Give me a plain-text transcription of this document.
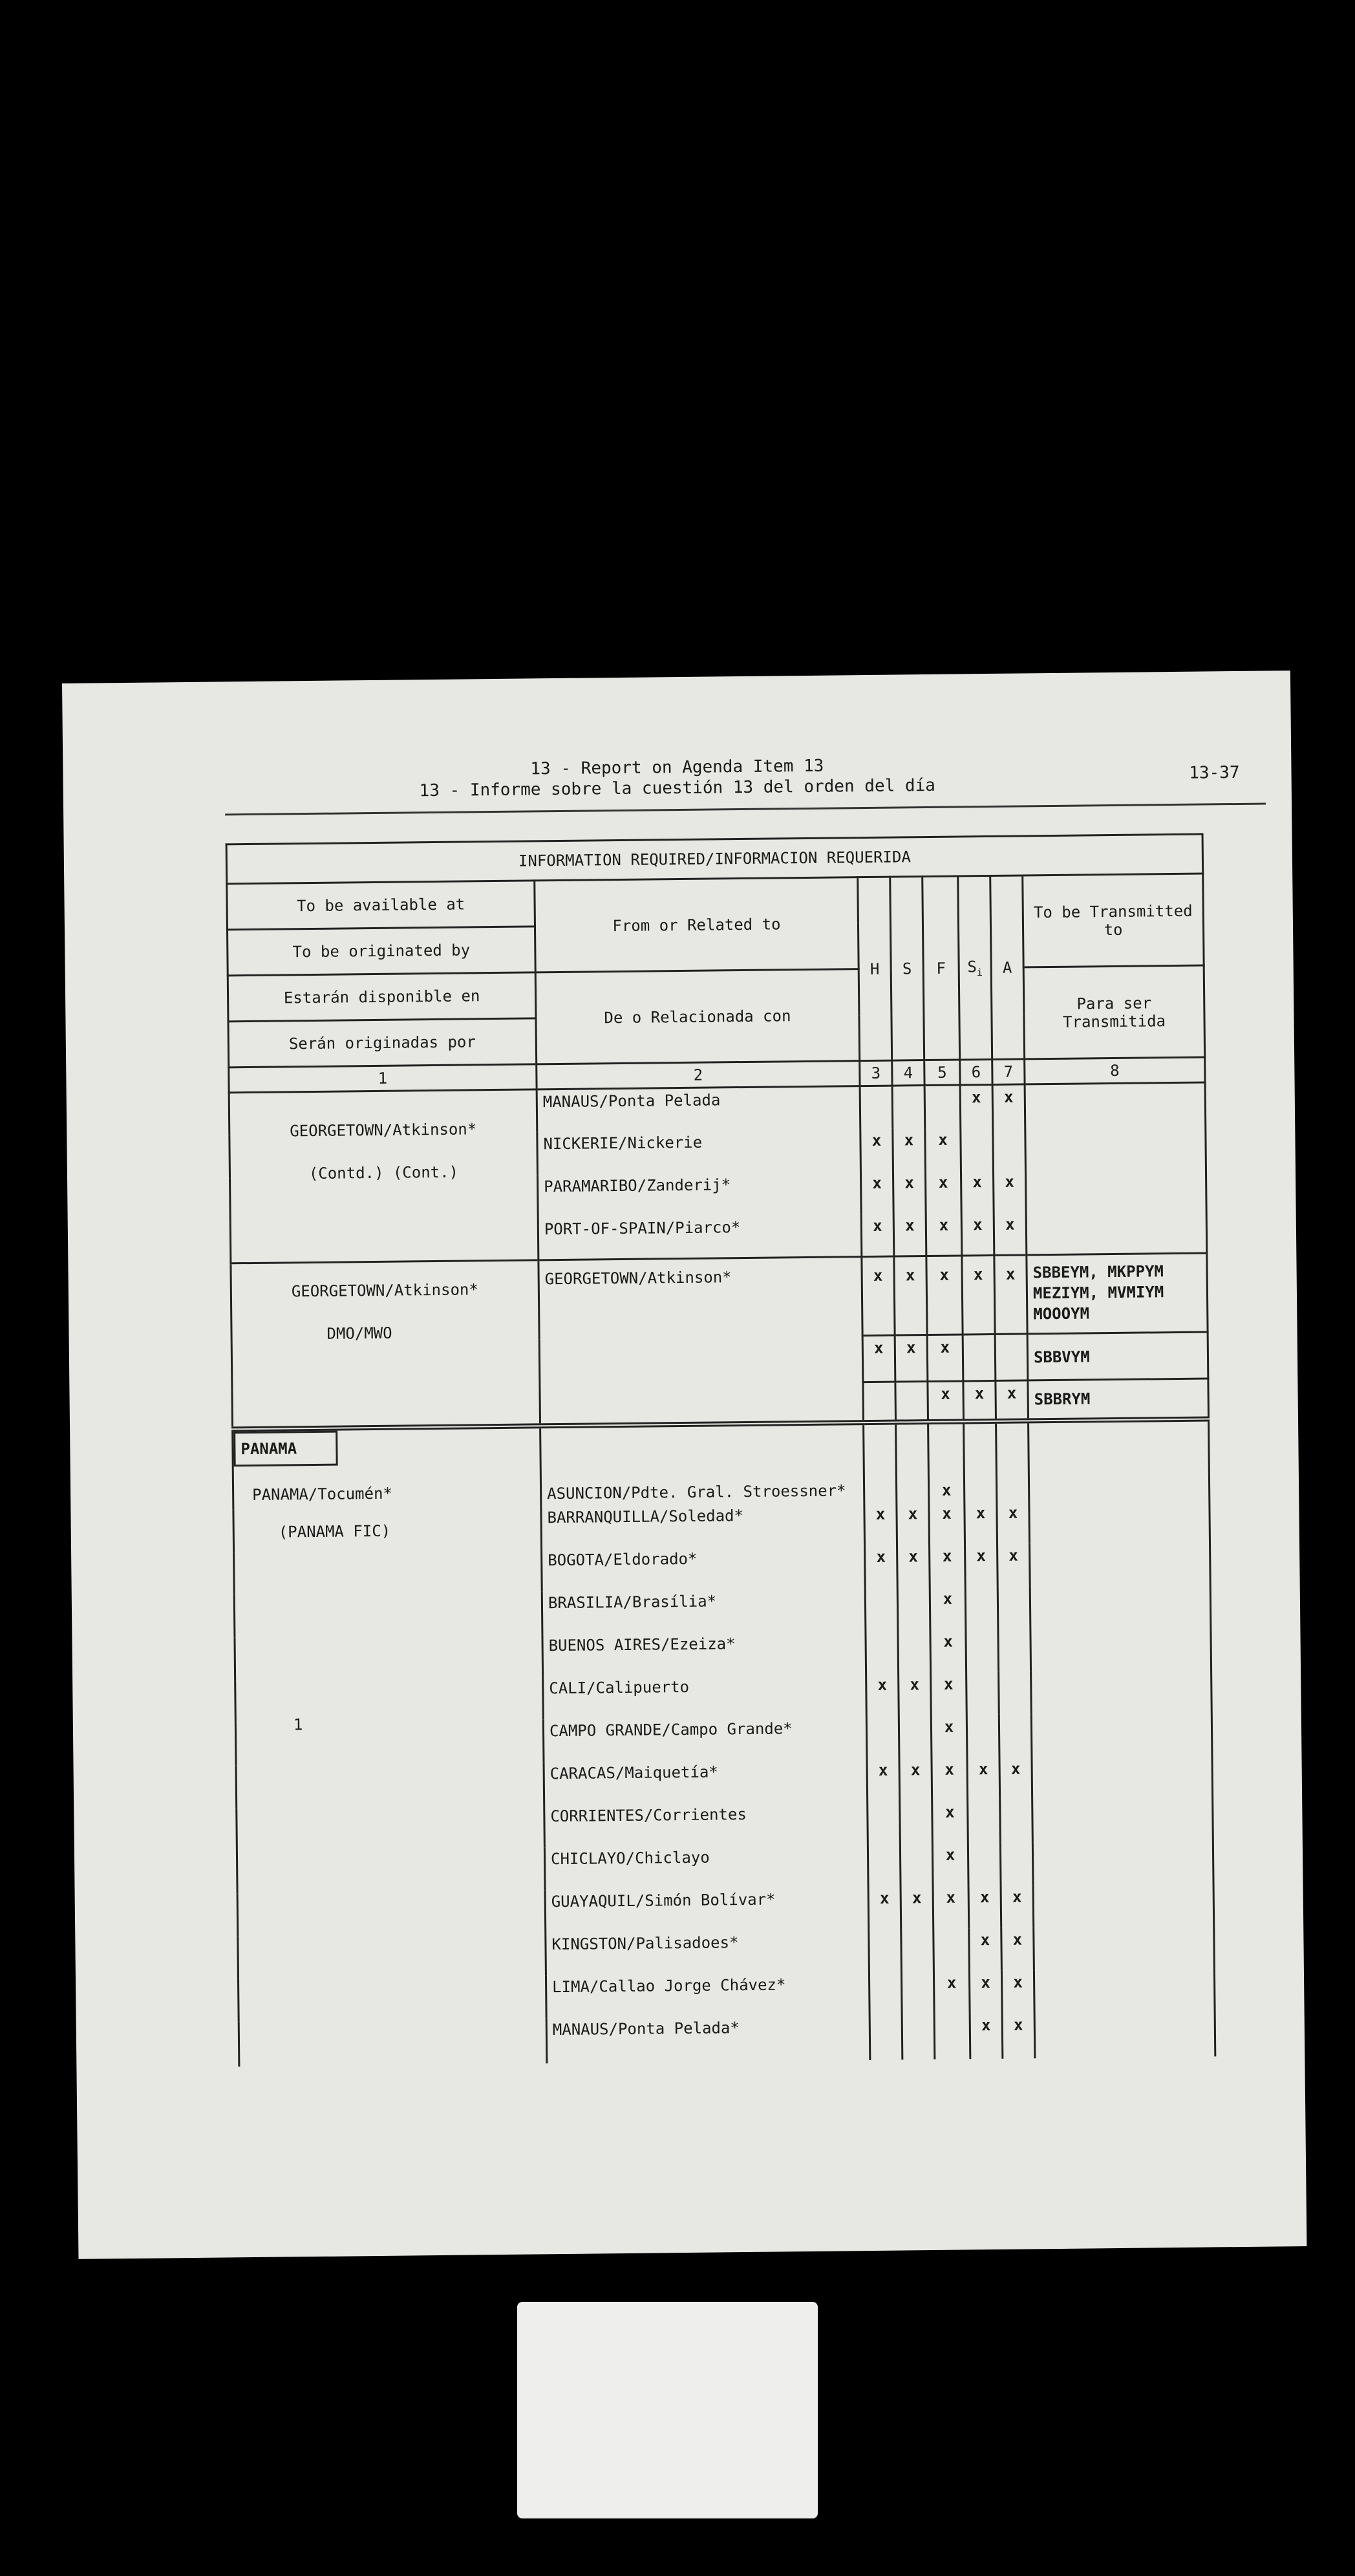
13 - Report on Agenda Item 13
13 - Informe sobre la cuestión 13 del orden del día
13-37
INFORMATION REQUIRED/INFORMACION REQUERIDA							
To be available at	From or Related to	H	S	F	$S_i$	A	To be Transmitted to
To be originated by							
Estarán disponible en	De o Relacionada con						Para ser Transmitida
Serán originadas por							
1	2	3	4	5	6	7	8

GEORGETOWN/Atkinson*
(Contd.) (Cont.)	MANAUS/Ponta Pelada				x	x	
	NICKERIE/Nickerie	x	x	x			
	PARAMARIBO/Zanderij*	x	x	x	x	x	
	PORT-OF-SPAIN/Piarco*	x	x	x	x	x	

GEORGETOWN/Atkinson*
DMO/MWO	GEORGETOWN/Atkinson*	x	x	x	x	x	SBBEYM, MKPPYM MEZIYM, MVMIYM MOOOYM
		x	x	x			SBBVYM
				x	x	x	SBBRYM
PANAMA
PANAMA/Tocumén*
(PANAMA FIC)
1	ASUNCION/Pdte. Gral. Stroessner*			x			
	BARRANQUILLA/Soledad*	x	x	x	x	x	
	BOGOTA/Eldorado*	x	x	x	x	x	
	BRASILIA/Brasília*			x			
	BUENOS AIRES/Ezeiza*			x			
	CALI/Calipuerto	x	x	x			
	CAMPO GRANDE/Campo Grande*			x			
	CARACAS/Maiquetía*	x	x	x	x	x	
	CORRIENTES/Corrientes			x			
	CHICLAYO/Chiclayo			x			
	GUAYAQUIL/Simón Bolívar*	x	x	x	x	x	
	KINGSTON/Palisadoes*				x	x	
	LIMA/Callao Jorge Chávez*			x	x	x	
	MANAUS/Ponta Pelada*				x	x	
